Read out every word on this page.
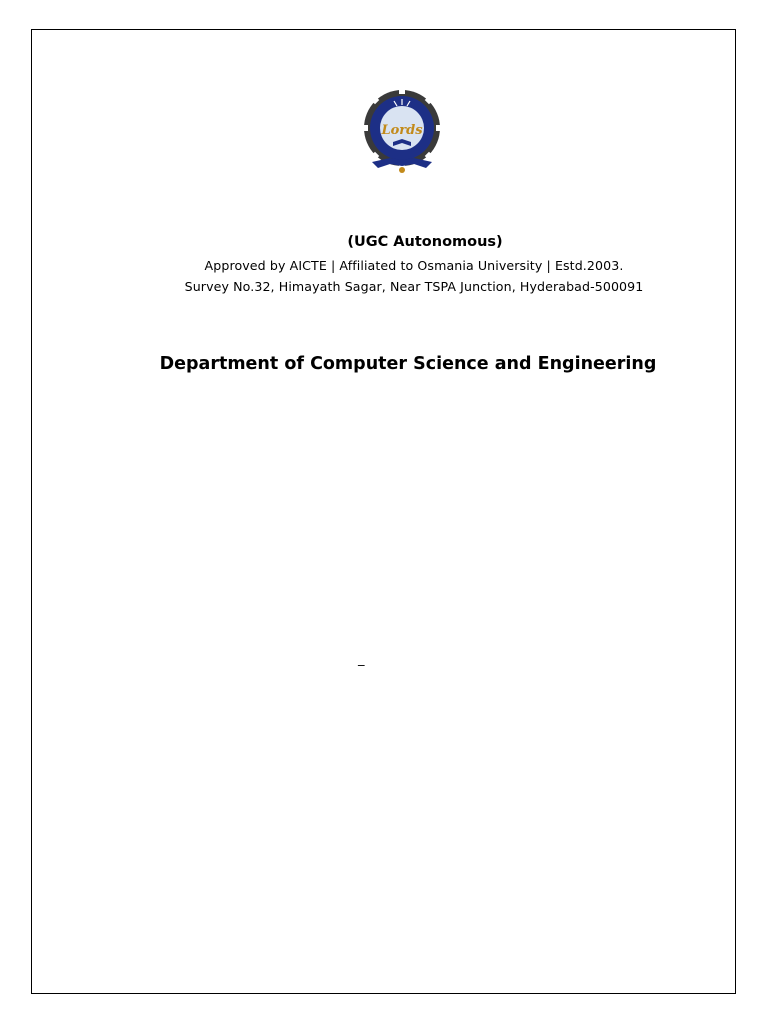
Lords
(UGC Autonomous)
Approved by AICTE | Affiliated to Osmania University | Estd.2003.
Survey No.32, Himayath Sagar, Near TSPA Junction, Hyderabad-500091
Department of Computer Science and Engineering
_
